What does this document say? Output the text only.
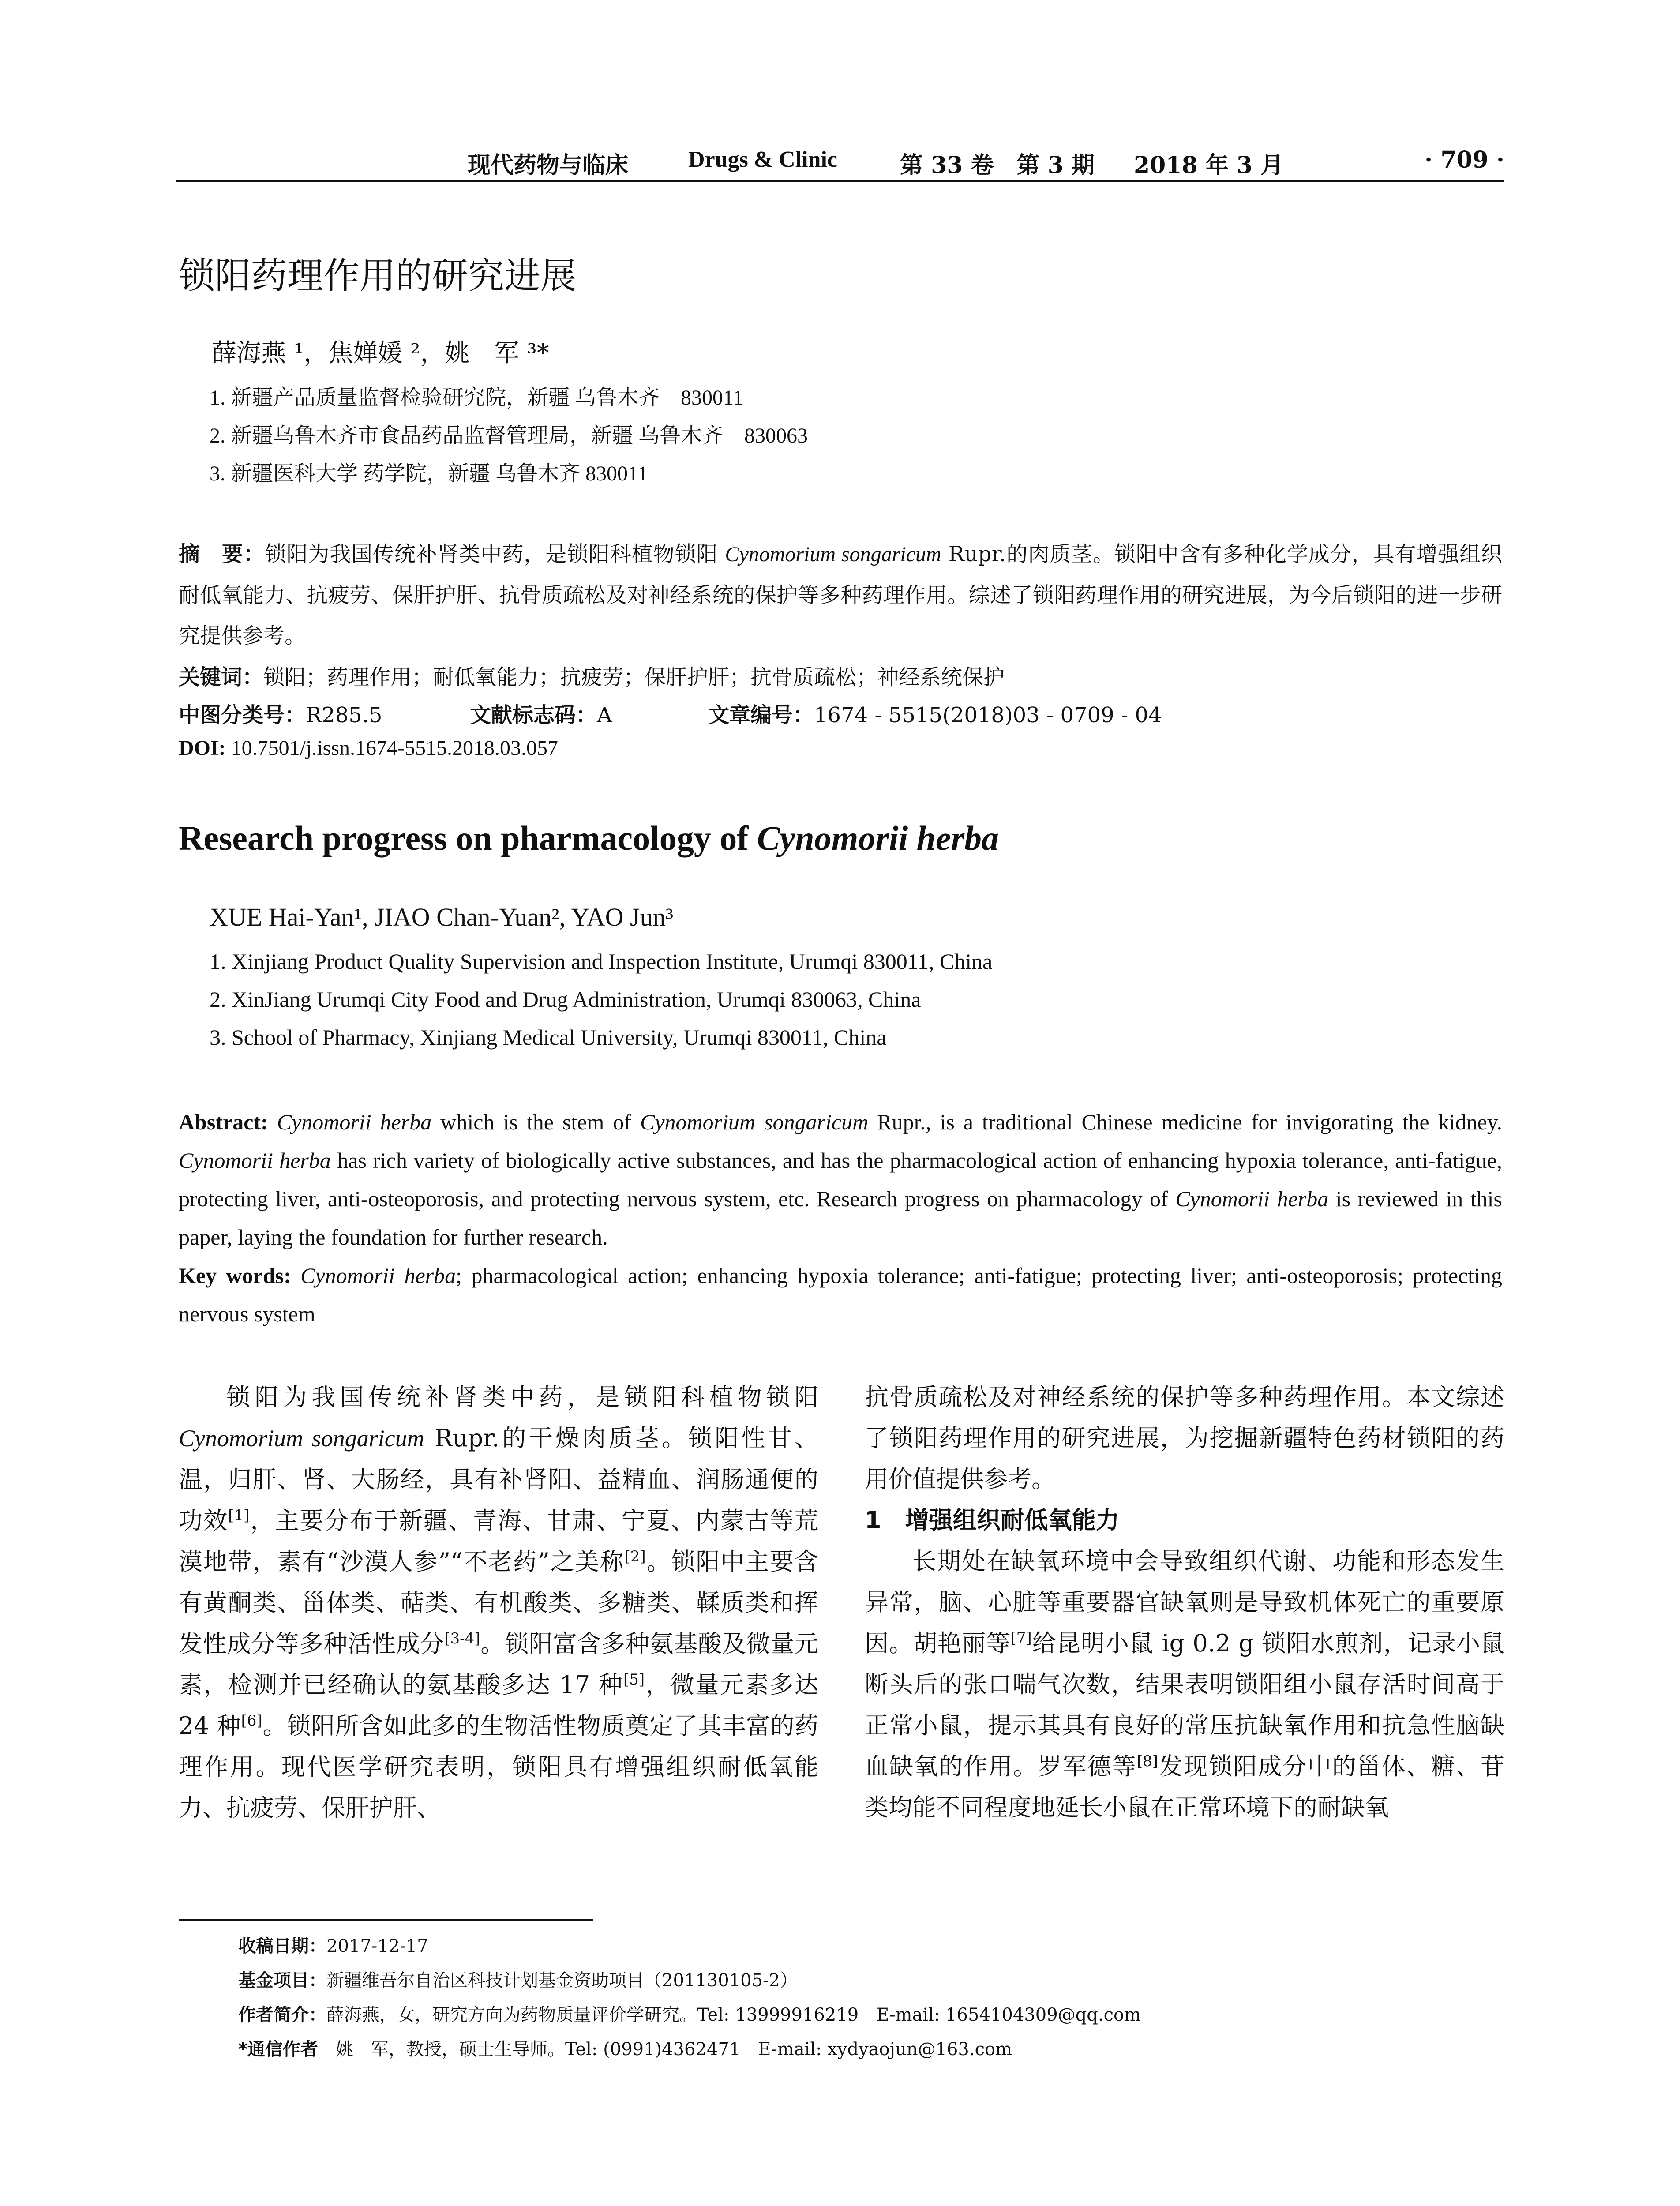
现代药物与临床	Drugs & Clinic	第 33 卷　第 3 期 2018 年 3 月	· 709 ·
锁阳药理作用的研究进展
薛海燕 ¹，焦婵媛 ²，姚　军 ³*
1. 新疆产品质量监督检验研究院，新疆 乌鲁木齐　830011
2. 新疆乌鲁木齐市食品药品监督管理局，新疆 乌鲁木齐　830063
3. 新疆医科大学 药学院，新疆 乌鲁木齐 830011
摘　要：锁阳为我国传统补肾类中药，是锁阳科植物锁阳 Cynomorium songaricum Rupr.的肉质茎。锁阳中含有多种化学成分，具有增强组织耐低氧能力、抗疲劳、保肝护肝、抗骨质疏松及对神经系统的保护等多种药理作用。综述了锁阳药理作用的研究进展，为今后锁阳的进一步研究提供参考。
关键词：锁阳；药理作用；耐低氧能力；抗疲劳；保肝护肝；抗骨质疏松；神经系统保护
中图分类号：R285.5	文献标志码：A	文章编号：1674 - 5515(2018)03 - 0709 - 04
DOI: 10.7501/j.issn.1674-5515.2018.03.057
Research progress on pharmacology of Cynomorii herba
XUE Hai-Yan¹, JIAO Chan-Yuan², YAO Jun³
1. Xinjiang Product Quality Supervision and Inspection Institute, Urumqi 830011, China
2. XinJiang Urumqi City Food and Drug Administration, Urumqi 830063, China
3. School of Pharmacy, Xinjiang Medical University, Urumqi 830011, China
Abstract: Cynomorii herba which is the stem of Cynomorium songaricum Rupr., is a traditional Chinese medicine for invigorating the kidney. Cynomorii herba has rich variety of biologically active substances, and has the pharmacological action of enhancing hypoxia tolerance, anti-fatigue, protecting liver, anti-osteoporosis, and protecting nervous system, etc. Research progress on pharmacology of Cynomorii herba is reviewed in this paper, laying the foundation for further research.
Key words: Cynomorii herba; pharmacological action; enhancing hypoxia tolerance; anti-fatigue; protecting liver; anti-osteoporosis; protecting nervous system

锁阳为我国传统补肾类中药，是锁阳科植物锁阳 Cynomorium songaricum Rupr.的干燥肉质茎。锁阳性甘、温，归肝、肾、大肠经，具有补肾阳、益精血、润肠通便的功效[1]，主要分布于新疆、青海、甘肃、宁夏、内蒙古等荒漠地带，素有“沙漠人参”“不老药”之美称[2]。锁阳中主要含有黄酮类、甾体类、萜类、有机酸类、多糖类、鞣质类和挥发性成分等多种活性成分[3-4]。锁阳富含多种氨基酸及微量元素，检测并已经确认的氨基酸多达 17 种[5]，微量元素多达 24 种[6]。锁阳所含如此多的生物活性物质奠定了其丰富的药理作用。现代医学研究表明，锁阳具有增强组织耐低氧能力、抗疲劳、保肝护肝、

抗骨质疏松及对神经系统的保护等多种药理作用。本文综述了锁阳药理作用的研究进展，为挖掘新疆特色药材锁阳的药用价值提供参考。

1　增强组织耐低氧能力

长期处在缺氧环境中会导致组织代谢、功能和形态发生异常，脑、心脏等重要器官缺氧则是导致机体死亡的重要原因。胡艳丽等[7]给昆明小鼠 ig 0.2 g 锁阳水煎剂，记录小鼠断头后的张口喘气次数，结果表明锁阳组小鼠存活时间高于正常小鼠，提示其具有良好的常压抗缺氧作用和抗急性脑缺血缺氧的作用。罗军德等[8]发现锁阳成分中的甾体、糖、苷类均能不同程度地延长小鼠在正常环境下的耐缺氧

收稿日期：2017-12-17
基金项目：新疆维吾尔自治区科技计划基金资助项目（201130105-2）
作者简介：薛海燕，女，研究方向为药物质量评价学研究。Tel: 13999916219　E-mail: 1654104309@qq.com
*通信作者　姚　军，教授，硕士生导师。Tel: (0991)4362471　E-mail: xydyaojun@163.com
